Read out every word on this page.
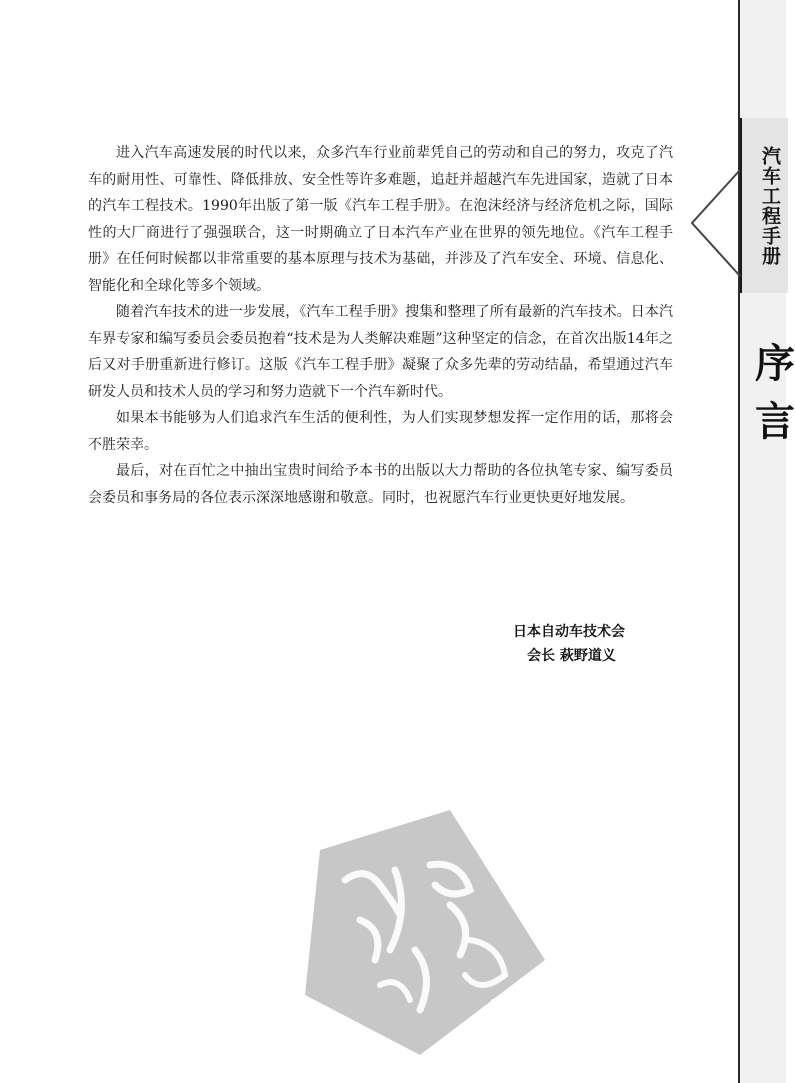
汽车工程手册
序
言

进入汽车高速发展的时代以来，众多汽车行业前辈凭自己的劳动和自己的努力，攻克了汽车的耐用性、可靠性、降低排放、安全性等许多难题，追赶并超越汽车先进国家，造就了日本的汽车工程技术。1990年出版了第一版《汽车工程手册》。在泡沫经济与经济危机之际，国际性的大厂商进行了强强联合，这一时期确立了日本汽车产业在世界的领先地位。《汽车工程手册》在任何时候都以非常重要的基本原理与技术为基础，并涉及了汽车安全、环境、信息化、智能化和全球化等多个领域。

随着汽车技术的进一步发展，《汽车工程手册》搜集和整理了所有最新的汽车技术。日本汽车界专家和编写委员会委员抱着“技术是为人类解决难题”这种坚定的信念，在首次出版14年之后又对手册重新进行修订。这版《汽车工程手册》凝聚了众多先辈的劳动结晶，希望通过汽车研发人员和技术人员的学习和努力造就下一个汽车新时代。

如果本书能够为人们追求汽车生活的便利性，为人们实现梦想发挥一定作用的话，那将会不胜荣幸。

最后，对在百忙之中抽出宝贵时间给予本书的出版以大力帮助的各位执笔专家、编写委员会委员和事务局的各位表示深深地感谢和敬意。同时，也祝愿汽车行业更快更好地发展。

日本自动车技术会
会长 萩野道义
PDG
